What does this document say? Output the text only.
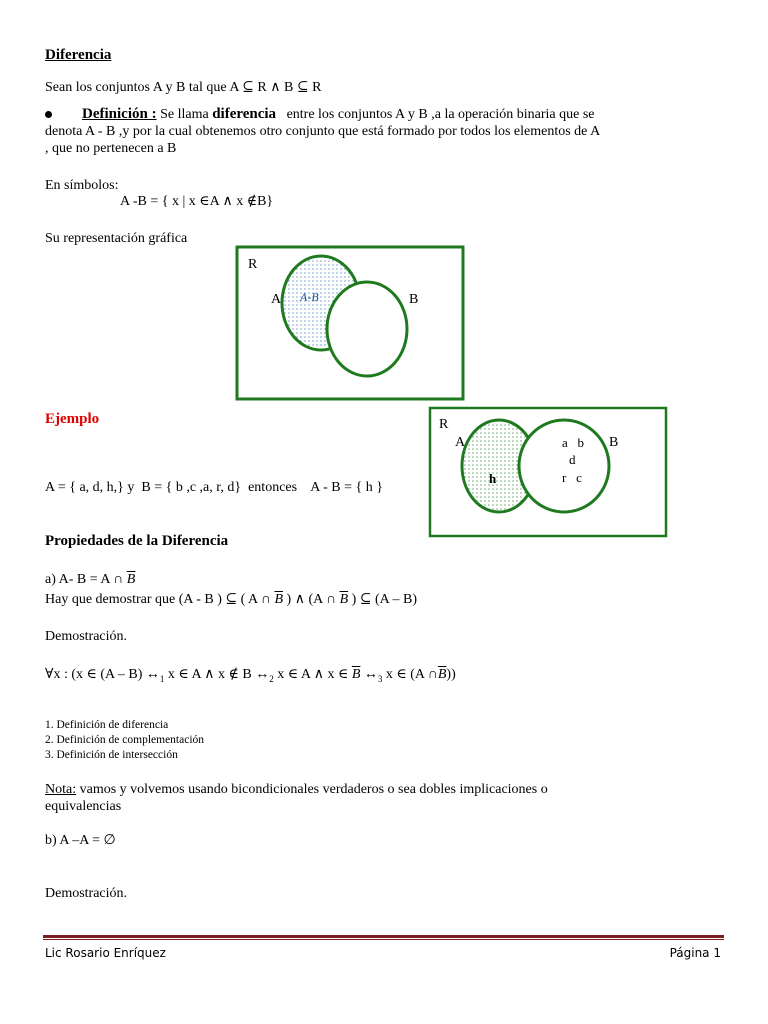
Diferencia
Sean los conjuntos A y B tal que A ⊆ R ∧ B ⊆ R
Definición : Se llama diferencia entre los conjuntos A y B ,a la operación binaria que se
denota A - B ,y por la cual obtenemos otro conjunto que está formado por todos los elementos de A
, que no pertenecen a B
En símbolos:
A -B = { x | x ∈A ∧ x ∉B}
Su representación gráfica
R
A	B
A-B
R
A	B
h
a   b
d
r   c
Ejemplo
A = { a, d, h,} y  B = { b ,c ,a, r, d}  entonces    A - B = { h }
Propiedades de la Diferencia
a) A- B = A ∩ $\overline{B}$
Hay que demostrar que (A - B ) ⊆ ( A ∩ $\overline{B}$ ) ∧ (A ∩ $\overline{B}$ ) ⊆ (A – B)
Demostración.
∀x : (x ∈ (A – B) $\leftrightarrow_1$ x ∈ A ∧ x ∉ B $\leftrightarrow_2$ x ∈ A ∧ x ∈ $\overline{B}$ $\leftrightarrow_3$ x ∈ (A $\cap\overline{B}$))
1. Definición de diferencia
2. Definición de complementación
3. Definición de intersección
Nota: vamos y volvemos usando bicondicionales verdaderos o sea dobles implicaciones o
equivalencias
b) A –A = ∅
Demostración.
Lic Rosario Enríquez	Página 1
